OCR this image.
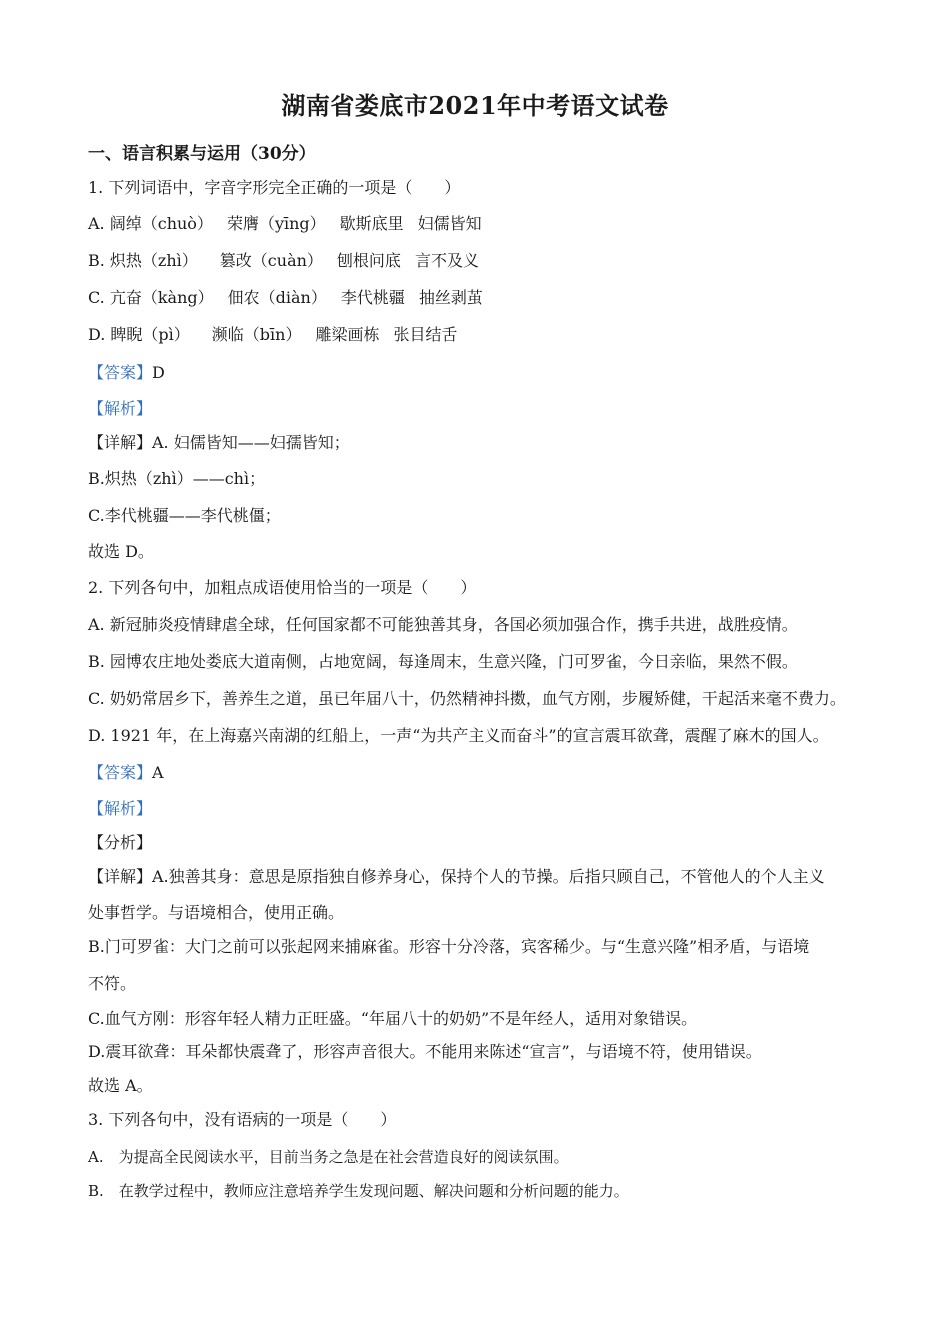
湖南省娄底市2021年中考语文试卷
一、语言积累与运用（30分）
1. 下列词语中，字音字形完全正确的一项是（　　）
A. 阔绰（chuò） 荣膺（yīng） 歇斯底里 妇儒皆知
B. 炽热（zhì） 篡改（cuàn） 刨根问底 言不及义
C. 亢奋（kàng） 佃农（diàn） 李代桃疆 抽丝剥茧
D. 睥睨（pì） 濒临（bīn） 雕梁画栋 张目结舌
【答案】D
【解析】
【详解】A. 妇儒皆知——妇孺皆知；
B.炽热（zhì）——chì；
C.李代桃疆——李代桃僵；
故选 D。
2. 下列各句中，加粗点成语使用恰当的一项是（　　）
A. 新冠肺炎疫情肆虐全球，任何国家都不可能独善其身，各国必须加强合作，携手共进，战胜疫情。
B. 园博农庄地处娄底大道南侧，占地宽阔，每逢周末，生意兴隆，门可罗雀，今日亲临，果然不假。
C. 奶奶常居乡下，善养生之道，虽已年届八十，仍然精神抖擞，血气方刚，步履矫健，干起活来毫不费力。
D. 1921 年，在上海嘉兴南湖的红船上，一声“为共产主义而奋斗”的宣言震耳欲聋，震醒了麻木的国人。
【答案】A
【解析】
【分析】
【详解】A.独善其身：意思是原指独自修养身心，保持个人的节操。后指只顾自己，不管他人的个人主义
处事哲学。与语境相合，使用正确。
B.门可罗雀：大门之前可以张起网来捕麻雀。形容十分冷落，宾客稀少。与“生意兴隆”相矛盾，与语境
不符。
C.血气方刚：形容年轻人精力正旺盛。“年届八十的奶奶”不是年经人，适用对象错误。
D.震耳欲聋：耳朵都快震聋了，形容声音很大。不能用来陈述“宣言”，与语境不符，使用错误。
故选 A。
3. 下列各句中，没有语病的一项是（　　）
A.　为提高全民阅读水平，目前当务之急是在社会营造良好的阅读氛围。
B.　在教学过程中，教师应注意培养学生发现问题、解决问题和分析问题的能力。
